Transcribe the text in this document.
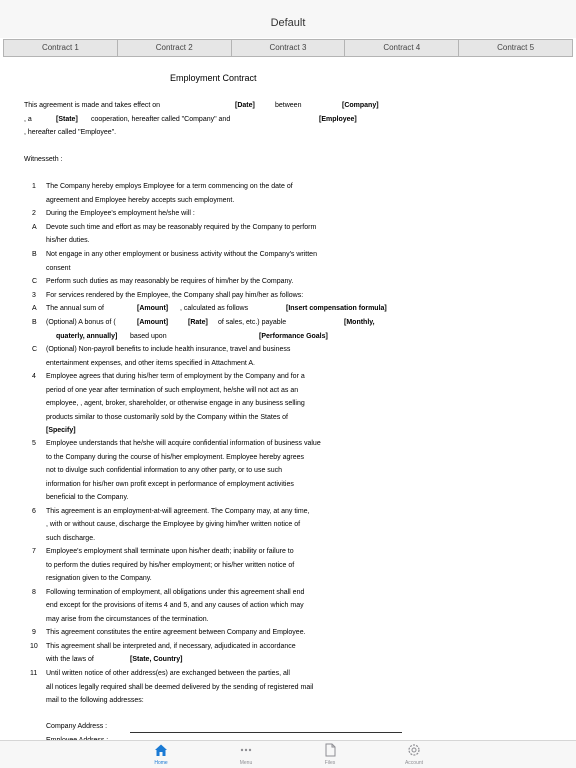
Default
Contract 1	Contract 2	Contract 3	Contract 4	Contract 5
Employment Contract
This agreement is made and takes effect on	[Date]	between	[Company]
, a	[State] cooperation, hereafter called "Company" and	[Employee]
, hereafter called "Employee".
Witnesseth :
1 The Company hereby employs Employee for a term commencing on the date of
agreement and Employee hereby accepts such employment.
2 During the Employee's employment he/she will :
A Devote such time and effort as may be reasonably required by the Company to perform
his/her duties.
B Not engage in any other employment or business activity without the Company's written
consent
C Perform such duties as may reasonably be requires of him/her by the Company.
3 For services rendered by the Employee, the Company shall pay him/her as follows:
A The annual sum of	[Amount] , calculated as follows	[Insert compensation formula]
B (Optional) A bonus of (	[Amount]	[Rate] of sales, etc.) payable	[Monthly,
quaterly, annually] based upon	[Performance Goals]
C (Optional) Non-payroll benefits to include health insurance, travel and business
entertainment expenses, and other items specified in Attachment A.
4 Employee agrees that during his/her term of employment by the Company and for a
period of one year after termination of such employment, he/she will not act as an
employee, , agent, broker, shareholder, or otherwise engage in any business selling
products similar to those customarily sold by the Company within the States of
[Specify]
5 Employee understands that he/she will acquire confidential information of business value
to the Company during the course of his/her employment. Employee hereby agrees
not to divulge such confidential information to any other party, or to use such
information for his/her own profit except in performance of employment activities
beneficial to the Company.
6 This agreement is an employment-at-will agreement. The Company may, at any time,
, with or without cause, discharge the Employee by giving him/her written notice of
such discharge.
7 Employee's employment shall terminate upon his/her death; inability or failure to
to perform the duties required by his/her employment; or his/her written notice of
resignation given to the Company.
8 Following termination of employment, all obligations under this agreement shall end
end except for the provisions of items 4 and 5, and any causes of action which may
may arise from the circumstances of the termination.
9 This agreement constitutes the entire agreement between Company and Employee.
10 This agreement shall be interpreted and, if necessary, adjudicated in accordance
with the laws of	[State, Country]
11 Until written notice of other address(es) are exchanged between the parties, all
all notices legally required shall be deemed delivered by the sending of registered mail
mail to the following addresses:
Company Address :
Home	Menu	Files	Account
